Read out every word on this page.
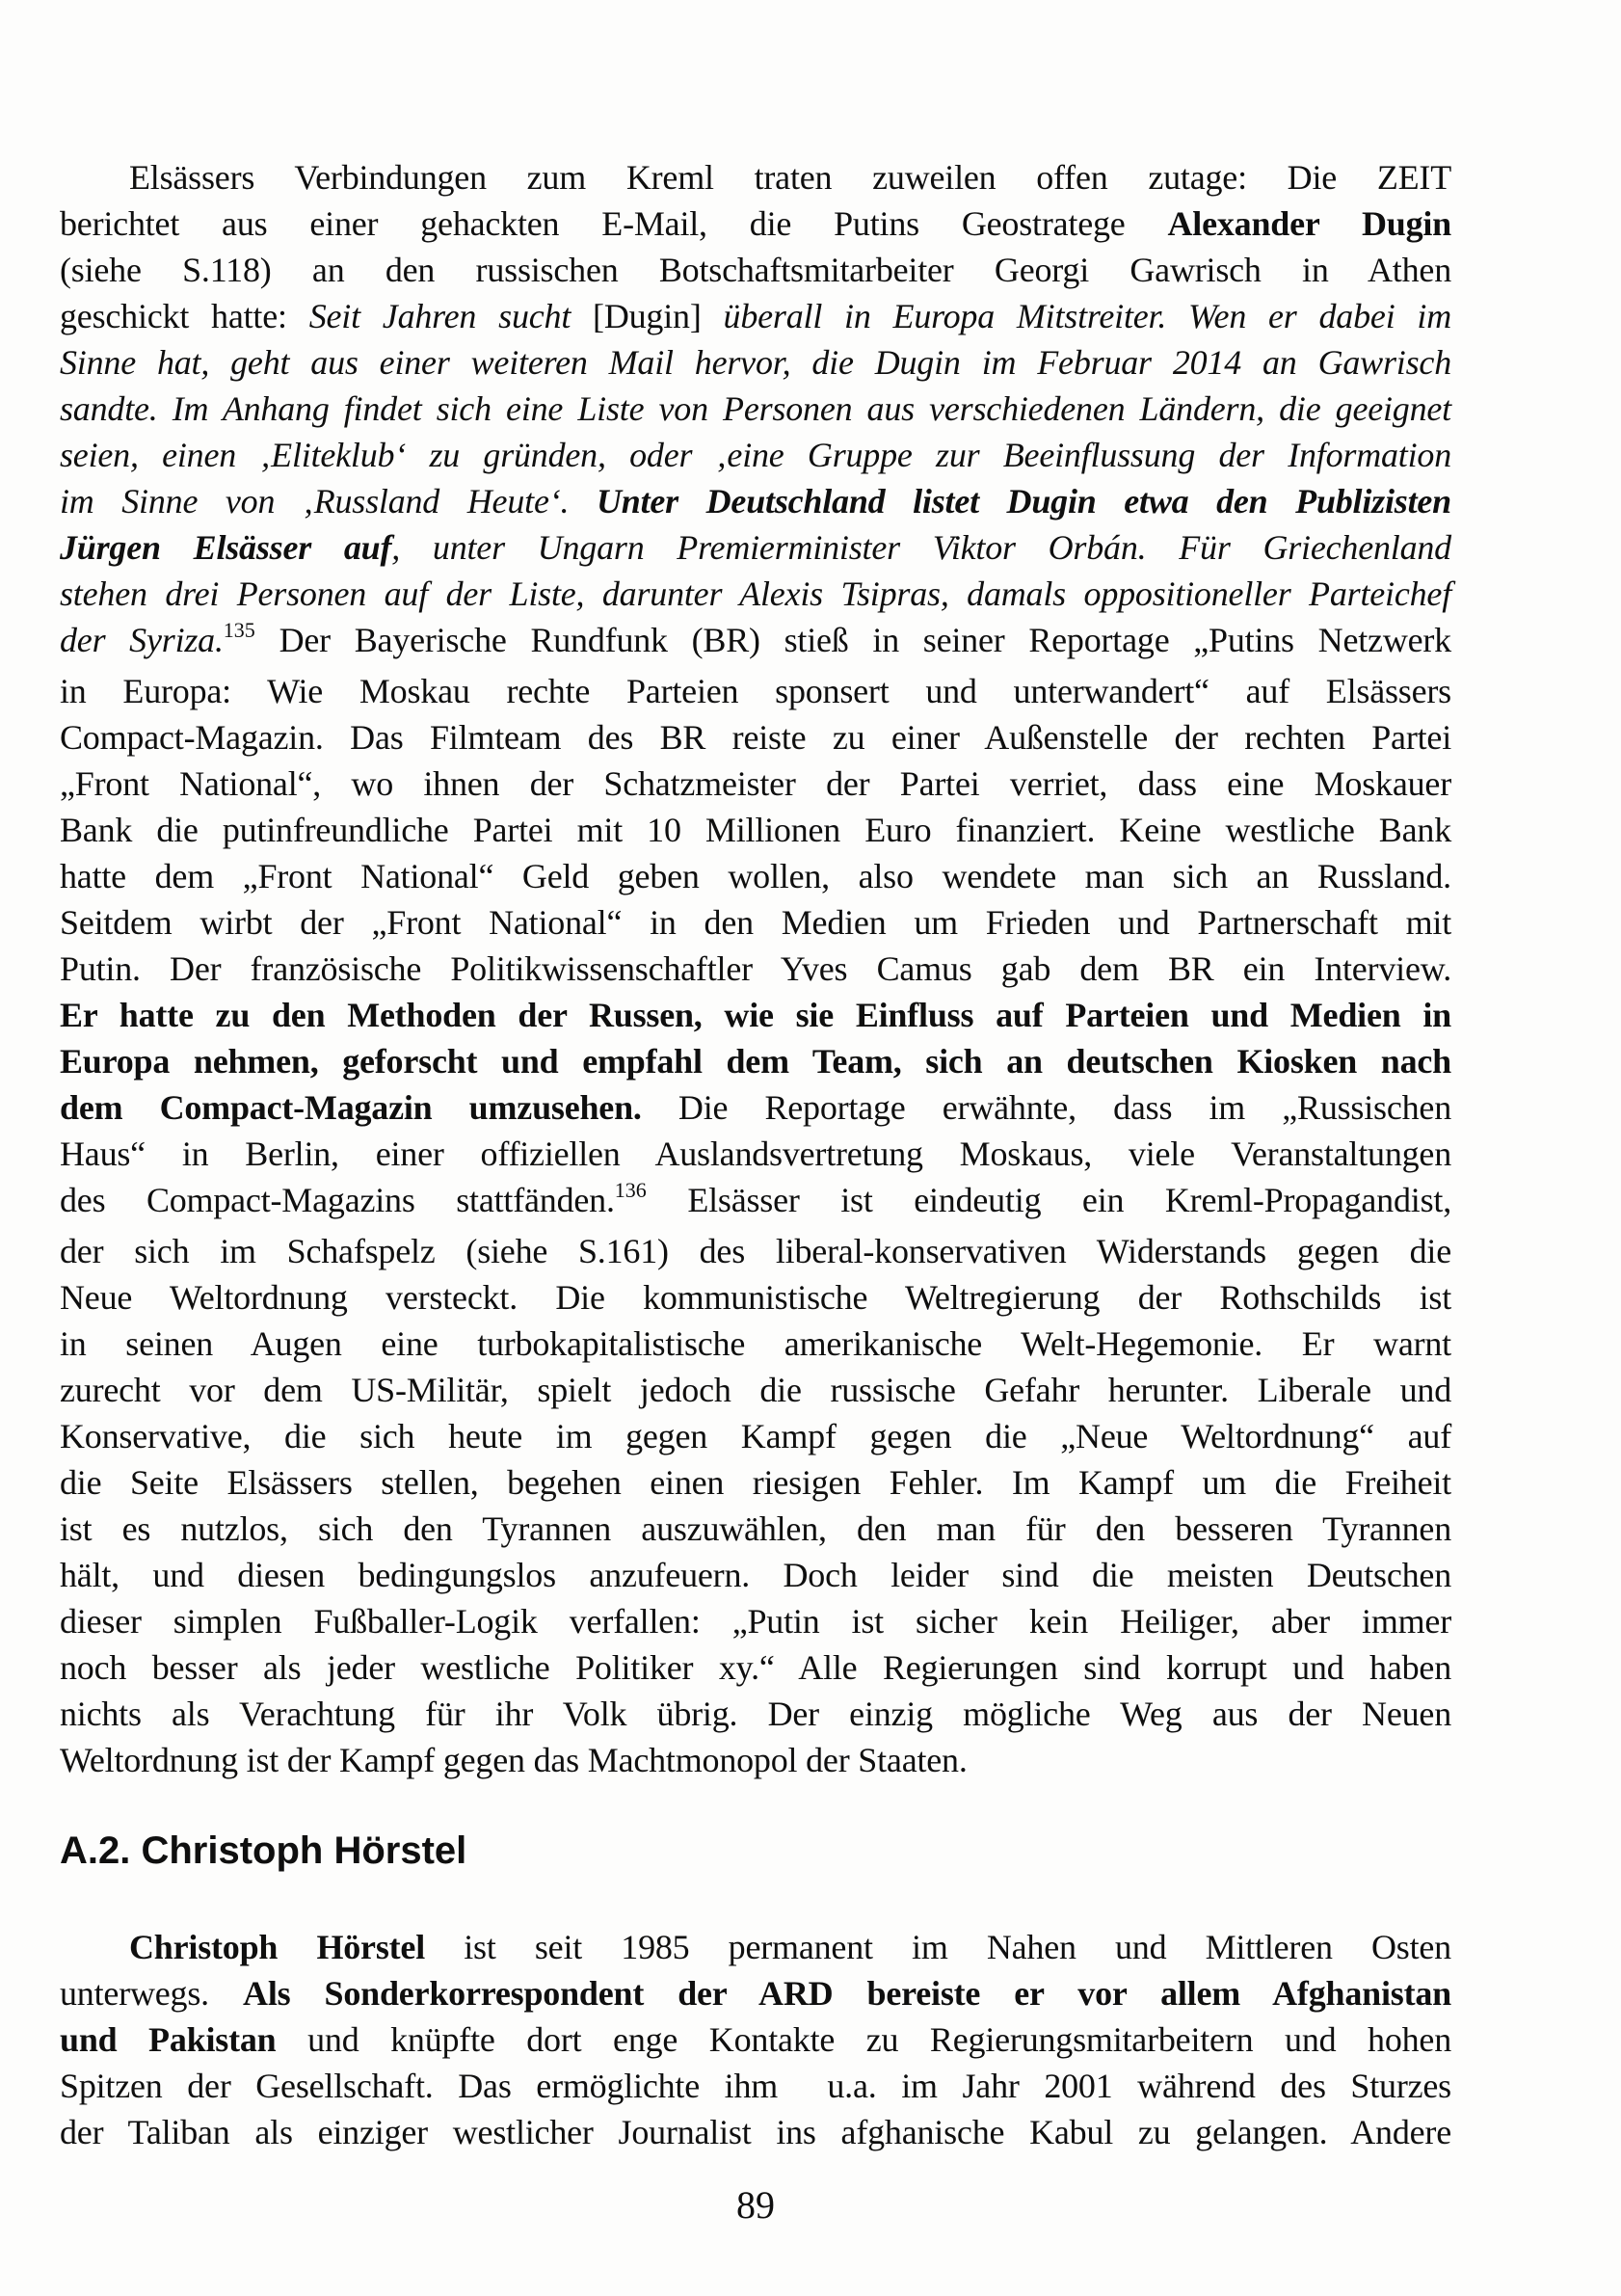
Elsässers Verbindungen zum Kreml traten zuweilen offen zutage: Die ZEIT
berichtet aus einer gehackten E-Mail, die Putins Geostratege Alexander Dugin
(siehe S.118) an den russischen Botschaftsmitarbeiter Georgi Gawrisch in Athen
geschickt hatte: Seit Jahren sucht [Dugin] überall in Europa Mitstreiter. Wen er dabei im
Sinne hat, geht aus einer weiteren Mail hervor, die Dugin im Februar 2014 an Gawrisch
sandte. Im Anhang findet sich eine Liste von Personen aus verschiedenen Ländern, die geeignet
seien, einen ‚Eliteklub‘ zu gründen, oder ‚eine Gruppe zur Beeinflussung der Information
im Sinne von ‚Russland Heute‘. Unter Deutschland listet Dugin etwa den Publizisten
Jürgen Elsässer auf, unter Ungarn Premierminister Viktor Orbán. Für Griechenland
stehen drei Personen auf der Liste, darunter Alexis Tsipras, damals oppositioneller Parteichef
der Syriza.$^{135}$ Der Bayerische Rundfunk (BR) stieß in seiner Reportage „Putins Netzwerk
in Europa: Wie Moskau rechte Parteien sponsert und unterwandert“ auf Elsässers
Compact-Magazin. Das Filmteam des BR reiste zu einer Außenstelle der rechten Partei
„Front National“, wo ihnen der Schatzmeister der Partei verriet, dass eine Moskauer
Bank die putinfreundliche Partei mit 10 Millionen Euro finanziert. Keine westliche Bank
hatte dem „Front National“ Geld geben wollen, also wendete man sich an Russland.
Seitdem wirbt der „Front National“ in den Medien um Frieden und Partnerschaft mit
Putin. Der französische Politikwissenschaftler Yves Camus gab dem BR ein Interview.
Er hatte zu den Methoden der Russen, wie sie Einfluss auf Parteien und Medien in
Europa nehmen, geforscht und empfahl dem Team, sich an deutschen Kiosken nach
dem Compact-Magazin umzusehen. Die Reportage erwähnte, dass im „Russischen
Haus“ in Berlin, einer offiziellen Auslandsvertretung Moskaus, viele Veranstaltungen
des Compact-Magazins stattfänden.$^{136}$ Elsässer ist eindeutig ein Kreml-Propagandist,
der sich im Schafspelz (siehe S.161) des liberal-konservativen Widerstands gegen die
Neue Weltordnung versteckt. Die kommunistische Weltregierung der Rothschilds ist
in seinen Augen eine turbokapitalistische amerikanische Welt-Hegemonie. Er warnt
zurecht vor dem US-Militär, spielt jedoch die russische Gefahr herunter. Liberale und
Konservative, die sich heute im gegen Kampf gegen die „Neue Weltordnung“ auf
die Seite Elsässers stellen, begehen einen riesigen Fehler. Im Kampf um die Freiheit
ist es nutzlos, sich den Tyrannen auszuwählen, den man für den besseren Tyrannen
hält, und diesen bedingungslos anzufeuern. Doch leider sind die meisten Deutschen
dieser simplen Fußballer-Logik verfallen: „Putin ist sicher kein Heiliger, aber immer
noch besser als jeder westliche Politiker xy.“ Alle Regierungen sind korrupt und haben
nichts als Verachtung für ihr Volk übrig. Der einzig mögliche Weg aus der Neuen
Weltordnung ist der Kampf gegen das Machtmonopol der Staaten.
A.2. Christoph Hörstel
Christoph Hörstel ist seit 1985 permanent im Nahen und Mittleren Osten
unterwegs. Als Sonderkorrespondent der ARD bereiste er vor allem Afghanistan
und Pakistan und knüpfte dort enge Kontakte zu Regierungsmitarbeitern und hohen
Spitzen der Gesellschaft. Das ermöglichte ihm  u.a. im Jahr 2001 während des Sturzes
der Taliban als einziger westlicher Journalist ins afghanische Kabul zu gelangen. Andere
89
